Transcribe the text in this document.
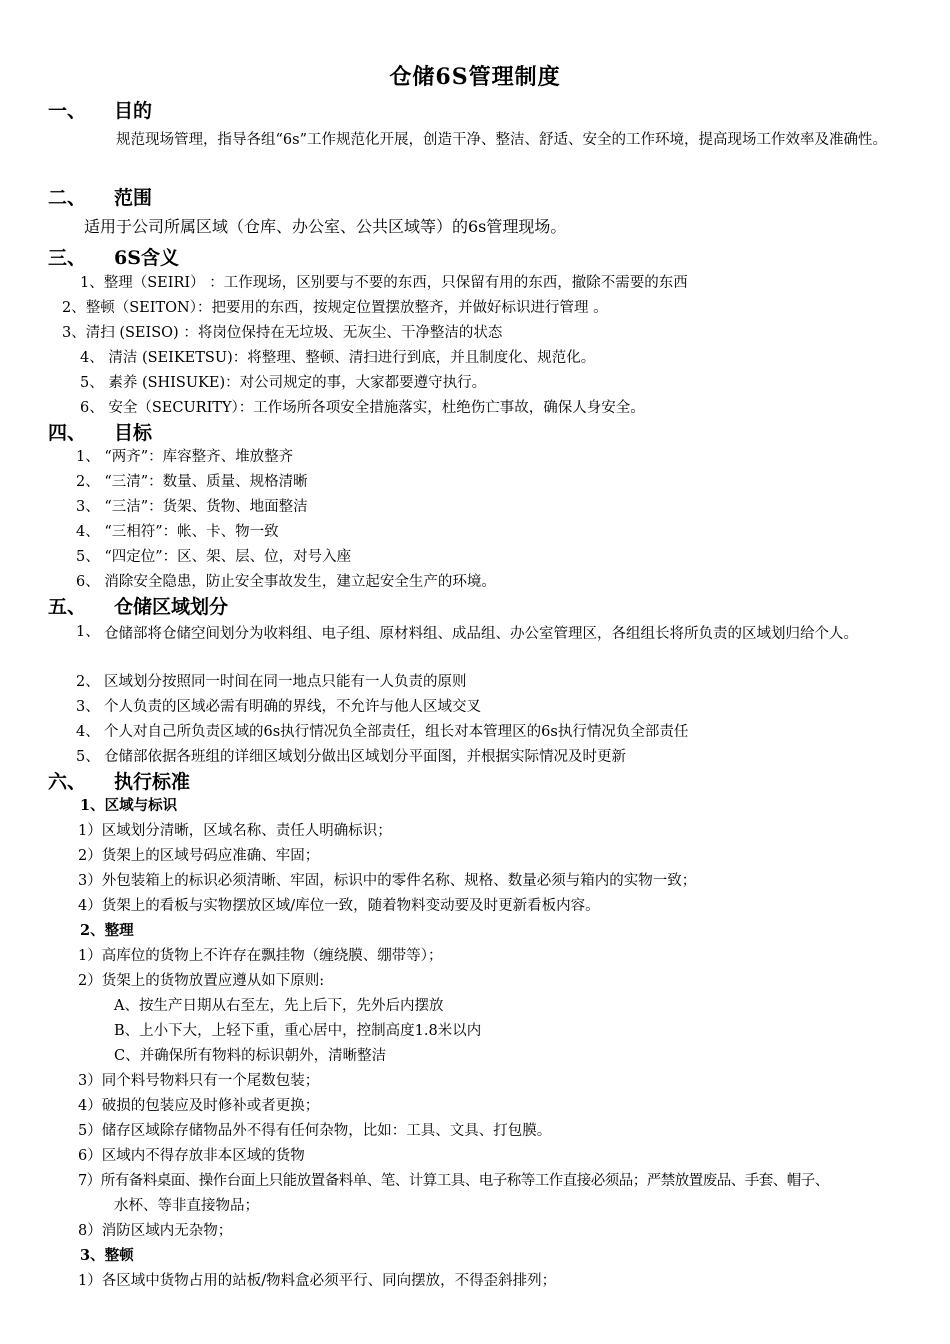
仓储6S管理制度
一、 目的
规范现场管理，指导各组“6s”工作规范化开展，创造干净、整洁、舒适、安全的工作环境，提高现场工作效率及准确性。
二、 范围
适用于公司所属区域（仓库、办公室、公共区域等）的6s管理现场。
三、 6S含义
1、整理（SEIRI） ：工作现场，区别要与不要的东西，只保留有用的东西，撤除不需要的东西
2、整顿（SEITON）：把要用的东西，按规定位置摆放整齐，并做好标识进行管理 。
3、清扫 (SEISO) ：将岗位保持在无垃圾、无灰尘、干净整洁的状态
4、 清洁 (SEIKETSU)：将整理、整顿、清扫进行到底，并且制度化、规范化。
5、 素养 (SHISUKE)：对公司规定的事，大家都要遵守执行。
6、 安全（SECURITY）：工作场所各项安全措施落实，杜绝伤亡事故，确保人身安全。
四、 目标
1、 “两齐”：库容整齐、堆放整齐
2、 “三清”：数量、质量、规格清晰
3、 “三洁”：货架、货物、地面整洁
4、 “三相符”：帐、卡、物一致
5、 “四定位”：区、架、层、位，对号入座
6、 消除安全隐患，防止安全事故发生，建立起安全生产的环境。
五、 仓储区域划分
1、 仓储部将仓储空间划分为收料组、电子组、原材料组、成品组、办公室管理区，各组组长将所负责的区域划归给个人。
2、 区域划分按照同一时间在同一地点只能有一人负责的原则
3、 个人负责的区域必需有明确的界线，不允许与他人区域交叉
4、 个人对自己所负责区域的6s执行情况负全部责任，组长对本管理区的6s执行情况负全部责任
5、 仓储部依据各班组的详细区域划分做出区域划分平面图，并根据实际情况及时更新
六、 执行标准
1、区域与标识
1）区域划分清晰，区域名称、责任人明确标识；
2）货架上的区域号码应准确、牢固；
3）外包装箱上的标识必须清晰、牢固，标识中的零件名称、规格、数量必须与箱内的实物一致；
4）货架上的看板与实物摆放区域/库位一致，随着物料变动要及时更新看板内容。
2、整理
1）高库位的货物上不许存在飘挂物（缠绕膜、绷带等）；
2）货架上的货物放置应遵从如下原则:
A、按生产日期从右至左，先上后下，先外后内摆放
B、上小下大，上轻下重，重心居中，控制高度1.8米以内
C、并确保所有物料的标识朝外，清晰整洁
3）同个料号物料只有一个尾数包装；
4）破损的包装应及时修补或者更换；
5）储存区域除存储物品外不得有任何杂物，比如：工具、文具、打包膜。
6）区域内不得存放非本区域的货物
7）所有备料桌面、操作台面上只能放置备料单、笔、计算工具、电子称等工作直接必须品；严禁放置废品、手套、帽子、
水杯、等非直接物品；
8）消防区域内无杂物；
3、整顿
1）各区域中货物占用的站板/物料盒必须平行、同向摆放，不得歪斜排列；
